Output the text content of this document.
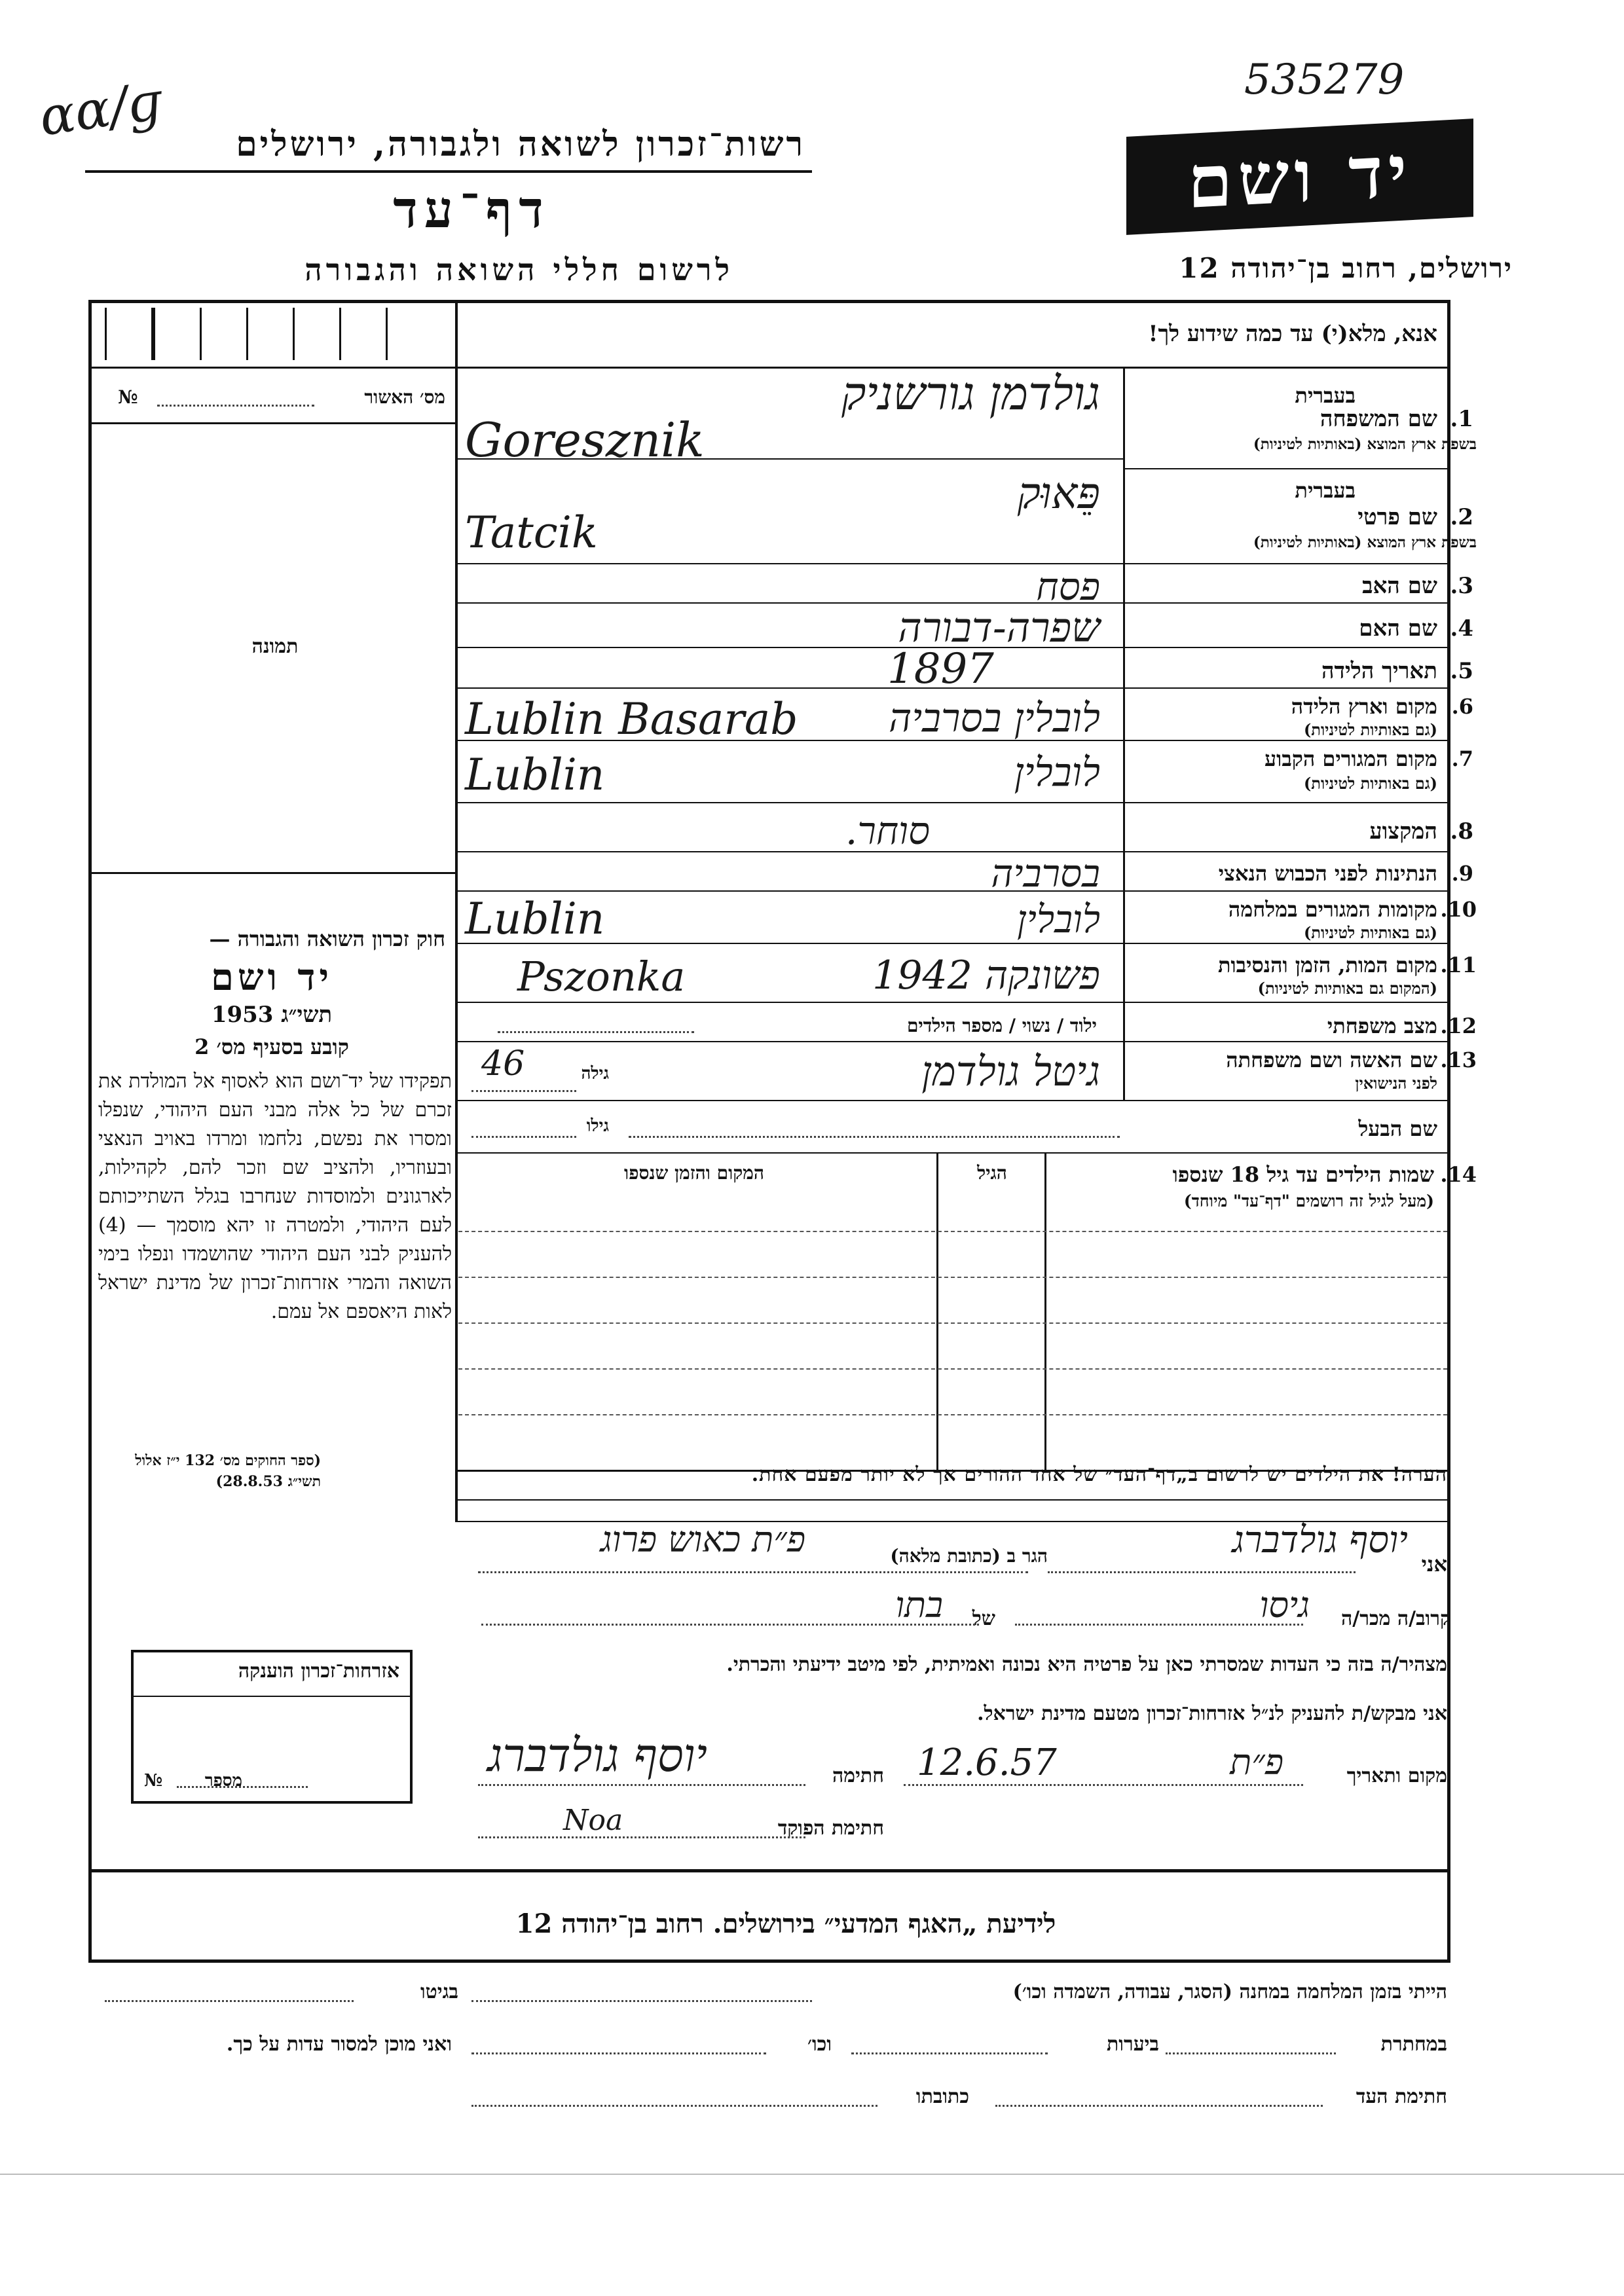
ɑɑ/ɡ	535279
רשות־זכרון לשואה ולגבורה, ירושלים	יד ושם
דף־עד
לרשום חללי השואה והגבורה	ירושלים, רחוב בן־יהודה 12
אנא, מלא(י) עד כמה שידוע לך!
מס׳ האשור
№
תמונה
בעברית
1.
שם המשפחה
בשפת ארץ המוצא (באותיות לטיניות)
גולדמן גורשניק
Goresznik
בעברית
2.
שם פרטי
בשפת ארץ המוצא (באותיות לטיניות)
פֵּאוּק
Tatcik
3.
שם האב
פסח
4.
שם האם
שפרה-דבורה
5.
תאריך הלידה
1897
6.
מקום וארץ הלידה
(גם באותיות לטיניות)
Lublin Basarab לובלין בסרביה
7.
מקום המגורים הקבוע
(גם באותיות לטיניות)
Lublin	לובלין
8.
המקצוע
סוחר.
9.
הנתינות לפני הכבוש הנאצי
בסרביה
10.
מקומות המגורים במלחמה
(גם באותיות לטיניות)
Lublin	לובלין
11.
מקום המות, הזמן והנסיבות
(המקום גם באותיות לטיניות)
Pszonka	פשונקה 1942
12.
מצב משפחתי
ילוד / נשוי / מספר הילדים
13.
שם האשה ושם משפחתה
לפני הנישואין
גיטל גולדמן
גילה
46
שם הבעל
גילו
14.
שמות הילדים עד גיל 18 שנספו
(מעל לגיל זה רושמים "דף־עד" מיוחד)
הגיל
המקום והזמן שנספו
חוק זכרון השואה והגבורה —
יד ושם
תשי״ג 1953
קובע בסעיף מס׳ 2
תפקידו של יד־ושם הוא לאסוף אל המולדת את זכרם של כל אלה מבני העם היהודי, שנפלו ומסרו את נפשם, נלחמו ומרדו באויב הנאצי ובעוזריו, ולהציב שם וזכר להם, לקהילות, לארגונים ולמוסדות שנחרבו בגלל השתייכותם לעם היהודי, ולמטרה זו יהא מוסמך — (4) להעניק לבני העם היהודי שהושמדו ונפלו בימי השואה והמרי אזרחות־זכרון של מדינת ישראל לאות היאספם אל עמם.
(ספר החוקים מס׳ 132 י״ז אלול תשי״ג 28.8.53)	הערה! את הילדים יש לרשום ב„דף־העד״ של אחד ההורים אך לא יותר מפעם אחת.
אני
יוסף גולדברג
הגר ב (כתובת מלאה)
פ״ת כאוש פרוג
קרוב/ה מכר/ה
גיסו
של
בתו
מצהיר/ה בזה כי העדות שמסרתי כאן על פרטיה היא נכונה ואמיתית, לפי מיטב ידיעתי והכרתי.
אני מבקש/ת להעניק לנ״ל אזרחות־זכרון מטעם מדינת ישראל.
מקום ותאריך
פ״ת
12.6.57
חתימה
יוסף גולדברג
חתימת הפוקד
Noa
אזרחות־זכרון הוענקה
מספר
№
לידיעת „האגף המדעי״ בירושלים. רחוב בן־יהודה 12
הייתי בזמן המלחמה במחנה (הסגר, עבודה, השמדה וכו׳)
בגיטו
במחתרת
ביערות
וכו׳
ואני מוכן למסור עדות על כך.
חתימת העד
כתובתו
